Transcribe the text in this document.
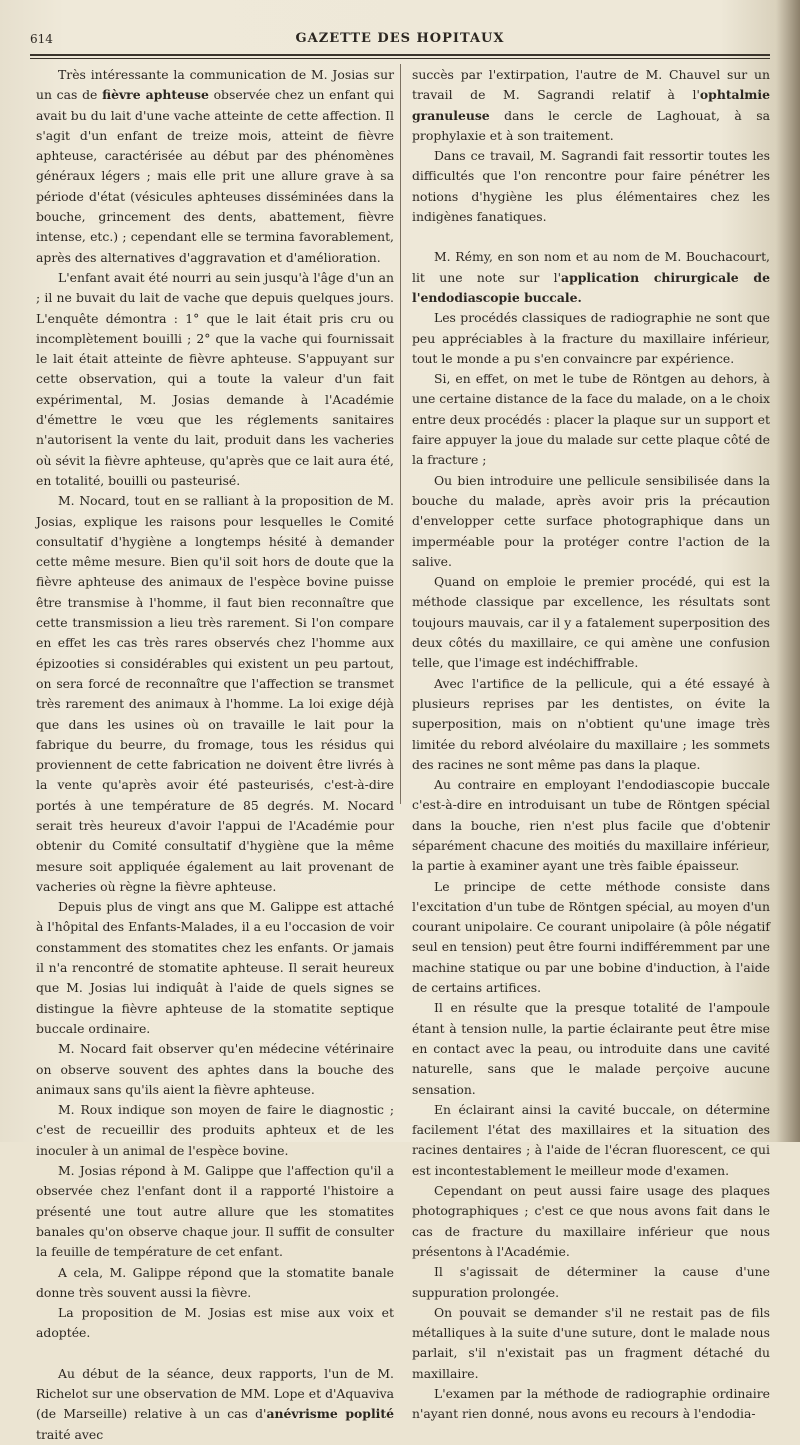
614	GAZETTE DES HOPITAUX

Très intéressante la communication de M. Josias sur un cas de fièvre aphteuse observée chez un enfant qui avait bu du lait d'une vache atteinte de cette affection. Il s'agit d'un enfant de treize mois, atteint de fièvre aphteuse, caractérisée au début par des phénomènes généraux légers ; mais elle prit une allure grave à sa période d'état (vésicules aphteuses disséminées dans la bouche, grincement des dents, abattement, fièvre intense, etc.) ; cependant elle se termina favorablement, après des alternatives d'aggravation et d'amélioration.

L'enfant avait été nourri au sein jusqu'à l'âge d'un an ; il ne buvait du lait de vache que depuis quelques jours. L'enquête démontra : 1° que le lait était pris cru ou incomplètement bouilli ; 2° que la vache qui fournissait le lait était atteinte de fièvre aphteuse. S'appuyant sur cette observation, qui a toute la valeur d'un fait expérimental, M. Josias demande à l'Académie d'émettre le vœu que les réglements sanitaires n'autorisent la vente du lait, produit dans les vacheries où sévit la fièvre aphteuse, qu'après que ce lait aura été, en totalité, bouilli ou pasteurisé.

M. Nocard, tout en se ralliant à la proposition de M. Josias, explique les raisons pour lesquelles le Comité consultatif d'hygiène a longtemps hésité à demander cette même mesure. Bien qu'il soit hors de doute que la fièvre aphteuse des animaux de l'espèce bovine puisse être transmise à l'homme, il faut bien reconnaître que cette transmission a lieu très rarement. Si l'on compare en effet les cas très rares observés chez l'homme aux épizooties si considérables qui existent un peu partout, on sera forcé de reconnaître que l'affection se transmet très rarement des animaux à l'homme. La loi exige déjà que dans les usines où on travaille le lait pour la fabrique du beurre, du fromage, tous les résidus qui proviennent de cette fabrication ne doivent être livrés à la vente qu'après avoir été pasteurisés, c'est-à-dire portés à une température de 85 degrés. M. Nocard serait très heureux d'avoir l'appui de l'Académie pour obtenir du Comité consultatif d'hygiène que la même mesure soit appliquée également au lait provenant de vacheries où règne la fièvre aphteuse.

Depuis plus de vingt ans que M. Galippe est attaché à l'hôpital des Enfants-Malades, il a eu l'occasion de voir constamment des stomatites chez les enfants. Or jamais il n'a rencontré de stomatite aphteuse. Il serait heureux que M. Josias lui indiquât à l'aide de quels signes se distingue la fièvre aphteuse de la stomatite septique buccale ordinaire.

M. Nocard fait observer qu'en médecine vétérinaire on observe souvent des aphtes dans la bouche des animaux sans qu'ils aient la fièvre aphteuse.

M. Roux indique son moyen de faire le diagnostic ; c'est de recueillir des produits aphteux et de les inoculer à un animal de l'espèce bovine.

M. Josias répond à M. Galippe que l'affection qu'il a observée chez l'enfant dont il a rapporté l'histoire a présenté une tout autre allure que les stomatites banales qu'on observe chaque jour. Il suffit de consulter la feuille de température de cet enfant.

A cela, M. Galippe répond que la stomatite banale donne très souvent aussi la fièvre.

La proposition de M. Josias est mise aux voix et adoptée.

Au début de la séance, deux rapports, l'un de M. Richelot sur une observation de MM. Lope et d'Aquaviva (de Marseille) relative à un cas d'anévrisme poplité traité avec

succès par l'extirpation, l'autre de M. Chauvel sur un travail de M. Sagrandi relatif à l'ophtalmie granuleuse dans le cercle de Laghouat, à sa prophylaxie et à son traitement.

Dans ce travail, M. Sagrandi fait ressortir toutes les difficultés que l'on rencontre pour faire pénétrer les notions d'hygiène les plus élémentaires chez les indigènes fanatiques.

M. Rémy, en son nom et au nom de M. Bouchacourt, lit une note sur l'application chirurgicale de l'endodiascopie buccale.

Les procédés classiques de radiographie ne sont que peu appréciables à la fracture du maxillaire inférieur, tout le monde a pu s'en convaincre par expérience.

Si, en effet, on met le tube de Röntgen au dehors, à une certaine distance de la face du malade, on a le choix entre deux procédés : placer la plaque sur un support et faire appuyer la joue du malade sur cette plaque côté de la fracture ;

Ou bien introduire une pellicule sensibilisée dans la bouche du malade, après avoir pris la précaution d'envelopper cette surface photographique dans un imperméable pour la protéger contre l'action de la salive.

Quand on emploie le premier procédé, qui est la méthode classique par excellence, les résultats sont toujours mauvais, car il y a fatalement superposition des deux côtés du maxillaire, ce qui amène une confusion telle, que l'image est indéchiffrable.

Avec l'artifice de la pellicule, qui a été essayé à plusieurs reprises par les dentistes, on évite la superposition, mais on n'obtient qu'une image très limitée du rebord alvéolaire du maxillaire ; les sommets des racines ne sont même pas dans la plaque.

Au contraire en employant l'endodiascopie buccale c'est-à-dire en introduisant un tube de Röntgen spécial dans la bouche, rien n'est plus facile que d'obtenir séparément chacune des moitiés du maxillaire inférieur, la partie à examiner ayant une très faible épaisseur.

Le principe de cette méthode consiste dans l'excitation d'un tube de Röntgen spécial, au moyen d'un courant unipolaire. Ce courant unipolaire (à pôle négatif seul en tension) peut être fourni indifféremment par une machine statique ou par une bobine d'induction, à l'aide de certains artifices.

Il en résulte que la presque totalité de l'ampoule étant à tension nulle, la partie éclairante peut être mise en contact avec la peau, ou introduite dans une cavité naturelle, sans que le malade perçoive aucune sensation.

En éclairant ainsi la cavité buccale, on détermine facilement l'état des maxillaires et la situation des racines dentaires ; à l'aide de l'écran fluorescent, ce qui est incontestablement le meilleur mode d'examen.

Cependant on peut aussi faire usage des plaques photographiques ; c'est ce que nous avons fait dans le cas de fracture du maxillaire inférieur que nous présentons à l'Académie.

Il s'agissait de déterminer la cause d'une suppuration prolongée.

On pouvait se demander s'il ne restait pas de fils métalliques à la suite d'une suture, dont le malade nous parlait, s'il n'existait pas un fragment détaché du maxillaire.

L'examen par la méthode de radiographie ordinaire n'ayant rien donné, nous avons eu recours à l'endodia-
